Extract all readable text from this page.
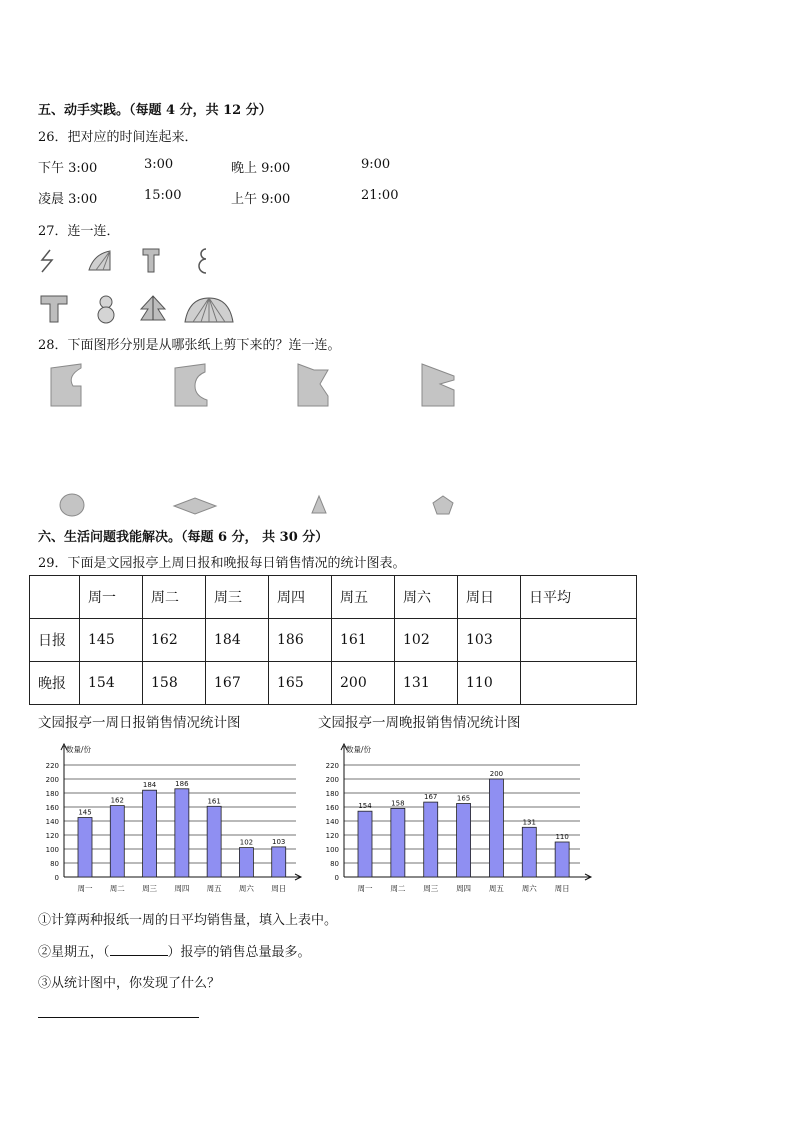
五、动手实践。（每题 4 分，共 12 分）
26．把对应的时间连起来．
下午 3:00	3:00	晚上 9:00	9:00
凌晨 3:00	15:00	上午 9:00	21:00
27．连一连．
28．下面图形分别是从哪张纸上剪下来的？连一连。
六、生活问题我能解决。（每题 6 分， 共 30 分）
29．下面是文园报亭上周日报和晚报每日销售情况的统计图表。
	周一	周二	周三	周四	周五	周六	周日	日平均
日报	145	162	184	186	161	102	103	
晚报	154	158	167	165	200	131	110	
文园报亭一周日报销售情况统计图	文园报亭一周晚报销售情况统计图
数量/份
0
80
100
120
140
160
180
200
220
145
周一
162
周二
184
周三
186
周四
161
周五
102
周六
103
周日
数量/份
0
80
100
120
140
160
180
200
220
154
周一
158
周二
167
周三
165
周四
200
周五
131
周六
110
周日
①计算两种报纸一周的日平均销售量，填入上表中。
②星期五，（	）报亭的销售总量最多。
③从统计图中，你发现了什么？
